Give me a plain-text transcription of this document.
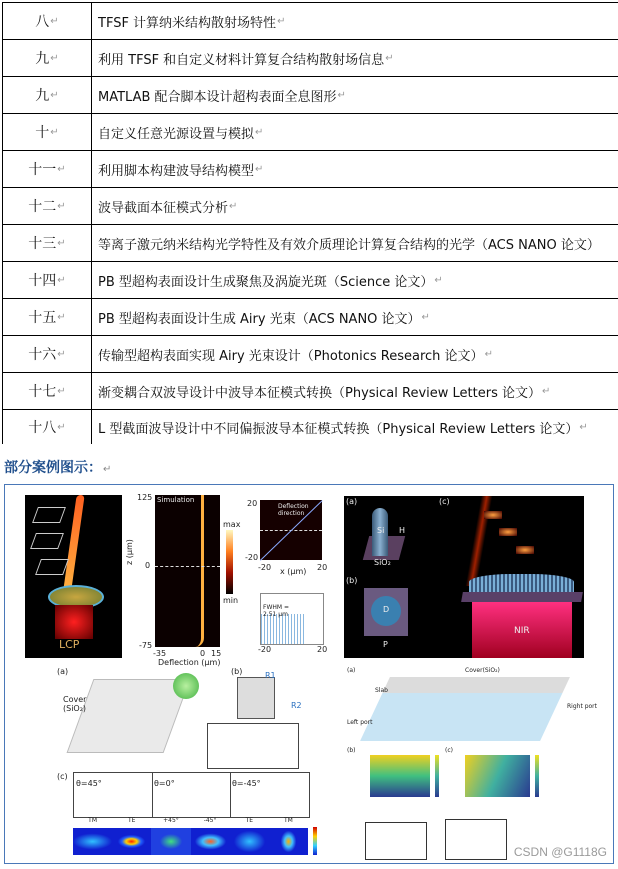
八 ↵	TFSF 计算纳米结构散射场特性 ↵
九 ↵	利用 TFSF 和自定义材料计算复合结构散射场信息 ↵
九 ↵	MATLAB 配合脚本设计超构表面全息图形 ↵
十 ↵	自定义任意光源设置与模拟 ↵
十一 ↵ 利用脚本构建波导结构模型 ↵
十二 ↵ 波导截面本征模式分析 ↵
十三 ↵ 等离子激元纳米结构光学特性及有效介质理论计算复合结构的光学（ACS NANO 论文）
十四 ↵ PB 型超构表面设计生成聚焦及涡旋光斑（Science 论文） ↵
十五 ↵ PB 型超构表面设计生成 Airy 光束（ACS NANO 论文） ↵
十六 ↵ 传输型超构表面实现 Airy 光束设计（Photonics Research 论文） ↵
十七 ↵ 渐变耦合双波导设计中波导本征模式转换（Physical Review Letters 论文） ↵
十八 ↵ L 型截面波导设计中不同偏振波导本征模式转换（Physical Review Letters 论文） ↵
部分案例图示：↵
LCP
Simulation
125
0
-75
z (μm)
-35	0 15
Deflection (μm)
max
min
Deflection direction
20
-20
-20	20
x (μm)
FWHM = 2.51 μm
-20	20
(a)	(c)
(b)
Si H
SiO₂
D
P
NIR
(a)	(b)
Cover (SiO₂)
R1
R2
(c)
θ=45°	θ=0°	θ=-45°
TM	TE	+45°	-45°	TE	TM
(a)	Cover(SiO₂)
Slab
Left port
Right port
(b)	(c)
CSDN @G1118G
